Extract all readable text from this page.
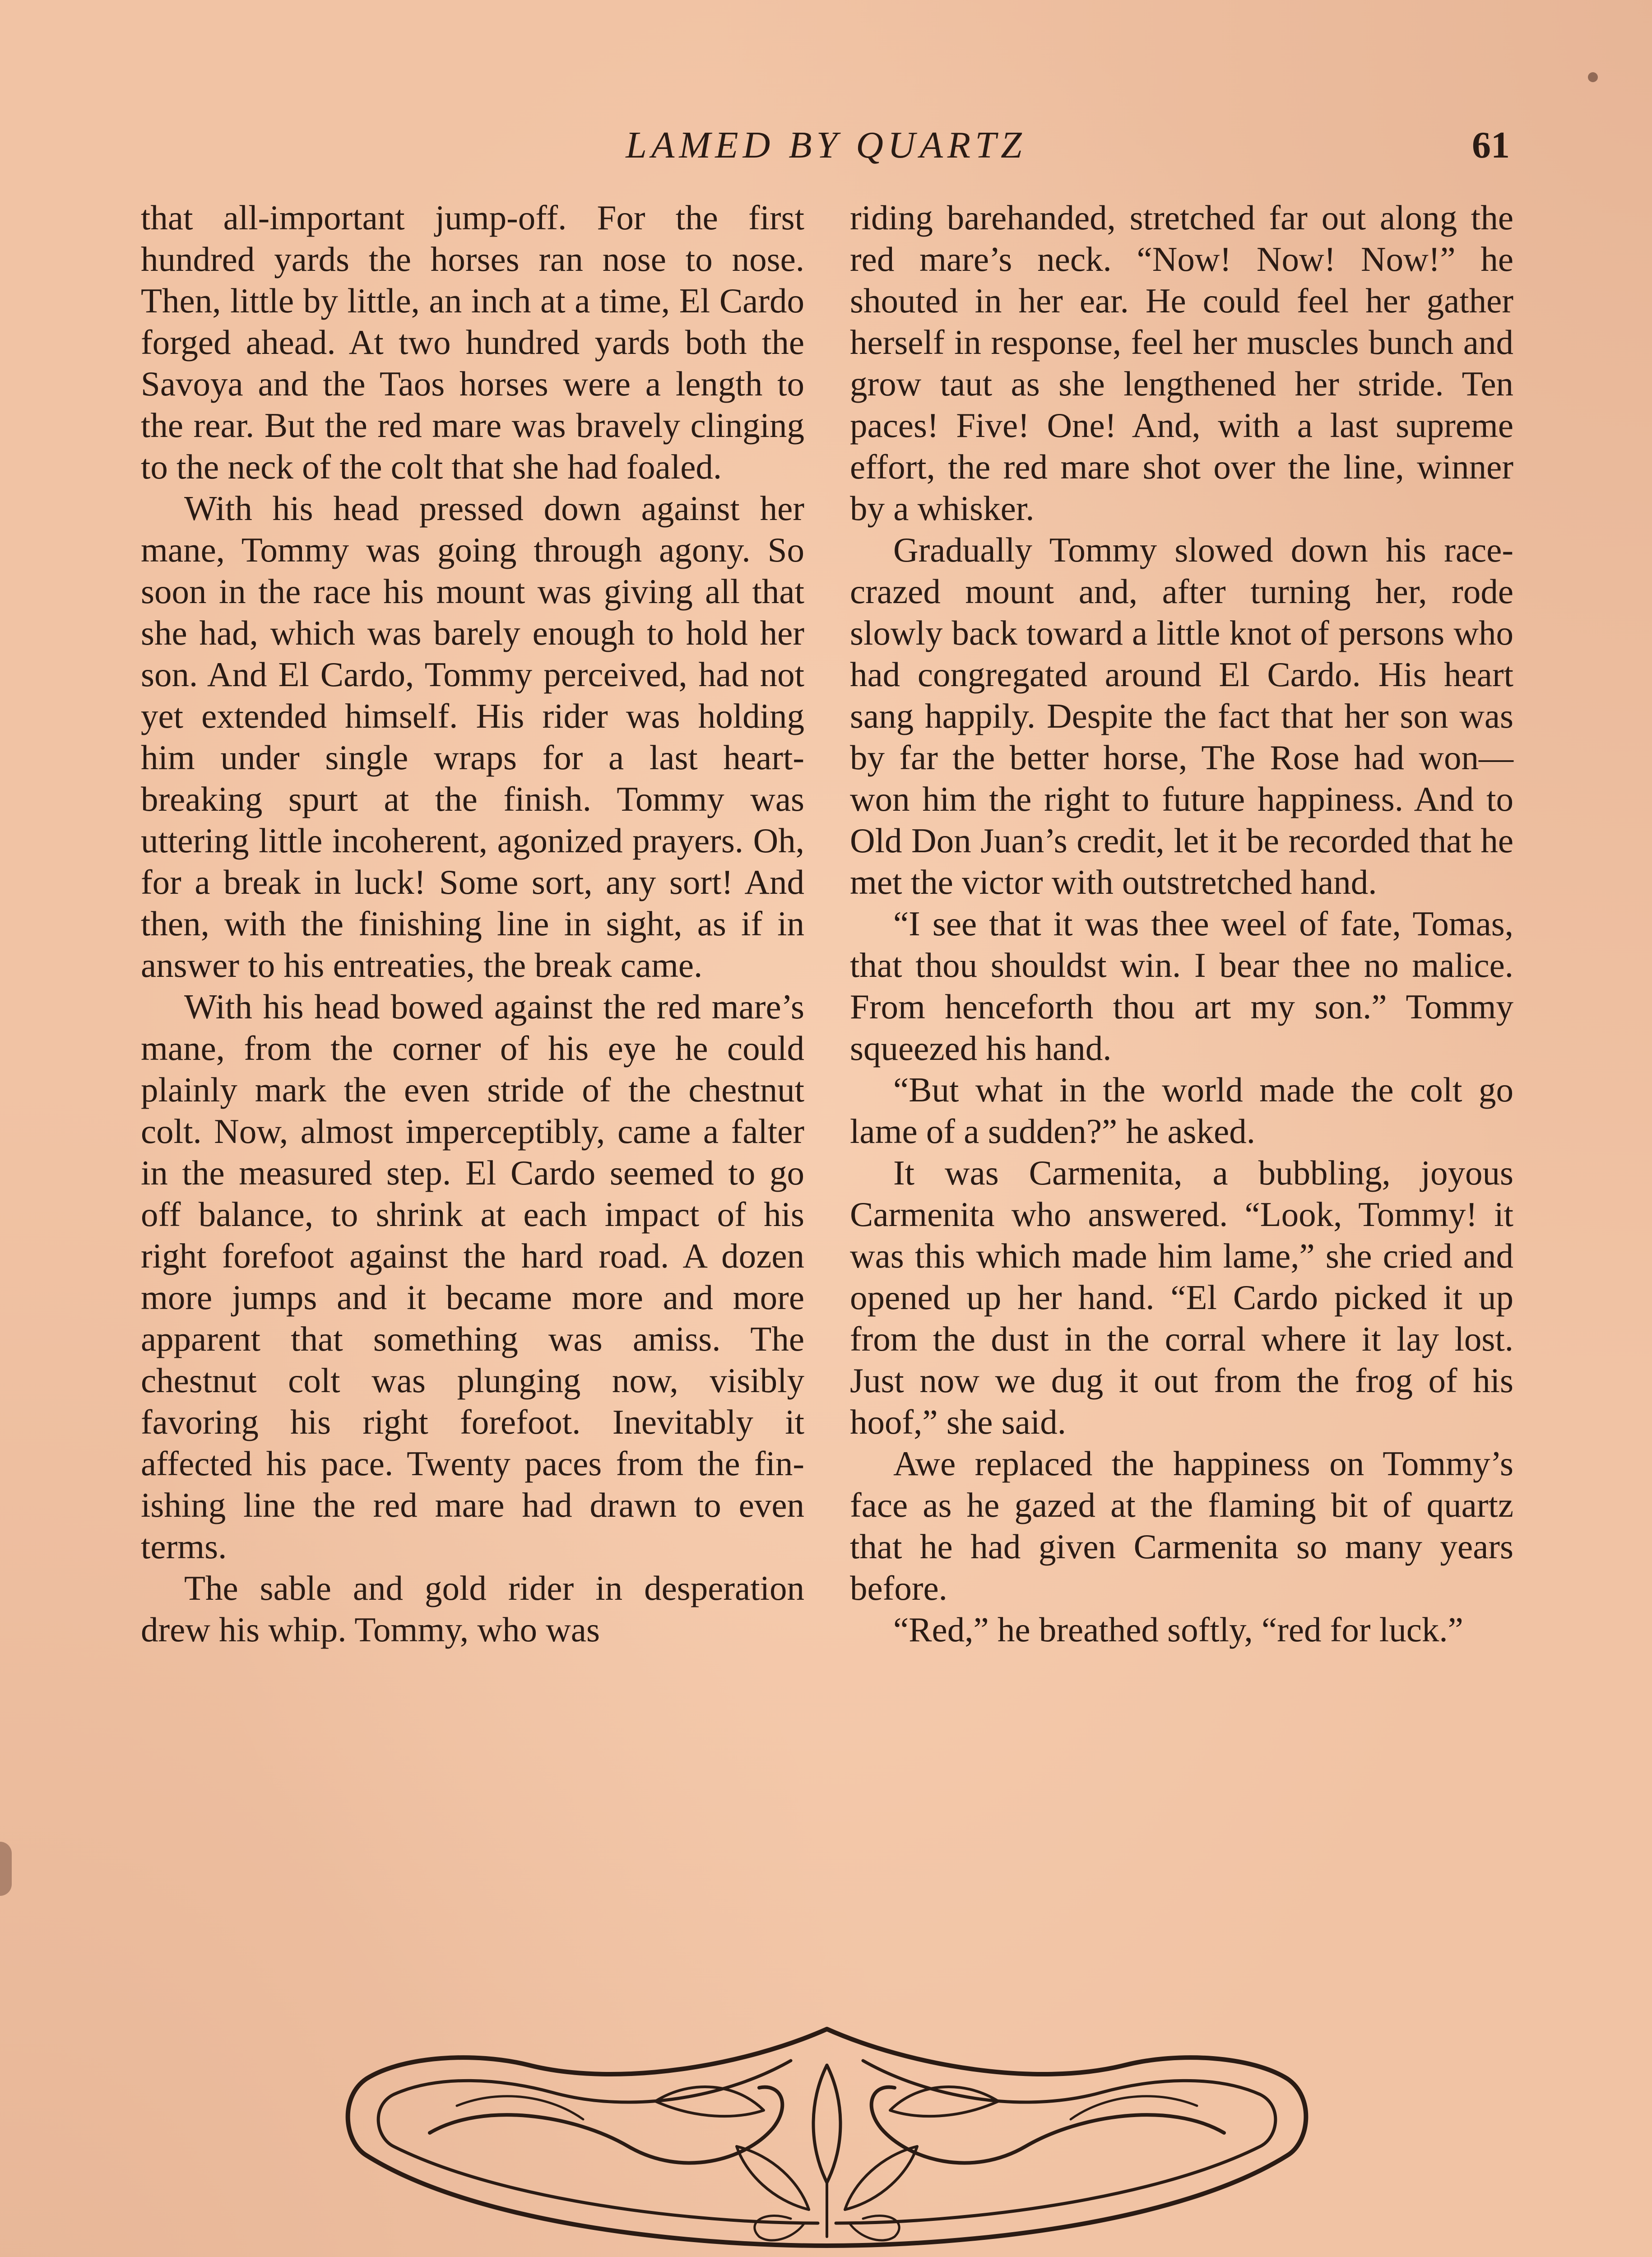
LAMED BY QUARTZ	61

that all-important jump-off. For the first hundred yards the horses ran nose to nose. Then, little by little, an inch at a time, El Cardo forged ahead. At two hundred yards both the Savoya and the Taos horses were a length to the rear. But the red mare was bravely clinging to the neck of the colt that she had foaled.

With his head pressed down against her mane, Tommy was going through agony. So soon in the race his mount was giving all that she had, which was barely enough to hold her son. And El Cardo, Tommy perceived, had not yet extended himself. His rider was holding him under single wraps for a last heart-breaking spurt at the finish. Tommy was uttering little incoherent, agonized prayers. Oh, for a break in luck! Some sort, any sort! And then, with the finishing line in sight, as if in answer to his entreaties, the break came.

With his head bowed against the red mare’s mane, from the corner of his eye he could plainly mark the even stride of the chestnut colt. Now, almost imperceptibly, came a falter in the measured step. El Cardo seemed to go off balance, to shrink at each impact of his right forefoot against the hard road. A dozen more jumps and it became more and more apparent that something was amiss. The chestnut colt was plunging now, visibly favoring his right forefoot. Inevitably it affected his pace. Twenty paces from the finishing line the red mare had drawn to even terms.

The sable and gold rider in desperation drew his whip. Tommy, who was

riding barehanded, stretched far out along the red mare’s neck. “Now! Now! Now!” he shouted in her ear. He could feel her gather herself in response, feel her muscles bunch and grow taut as she lengthened her stride. Ten paces! Five! One! And, with a last supreme effort, the red mare shot over the line, winner by a whisker.

Gradually Tommy slowed down his race-crazed mount and, after turning her, rode slowly back toward a little knot of persons who had congregated around El Cardo. His heart sang happily. Despite the fact that her son was by far the better horse, The Rose had won—won him the right to future happiness. And to Old Don Juan’s credit, let it be recorded that he met the victor with outstretched hand.

“I see that it was thee weel of fate, Tomas, that thou shouldst win. I bear thee no malice. From henceforth thou art my son.” Tommy squeezed his hand.

“But what in the world made the colt go lame of a sudden?” he asked.

It was Carmenita, a bubbling, joyous Carmenita who answered. “Look, Tommy! it was this which made him lame,” she cried and opened up her hand. “El Cardo picked it up from the dust in the corral where it lay lost. Just now we dug it out from the frog of his hoof,” she said.

Awe replaced the happiness on Tommy’s face as he gazed at the flaming bit of quartz that he had given Carmenita so many years before.

“Red,” he breathed softly, “red for luck.”
